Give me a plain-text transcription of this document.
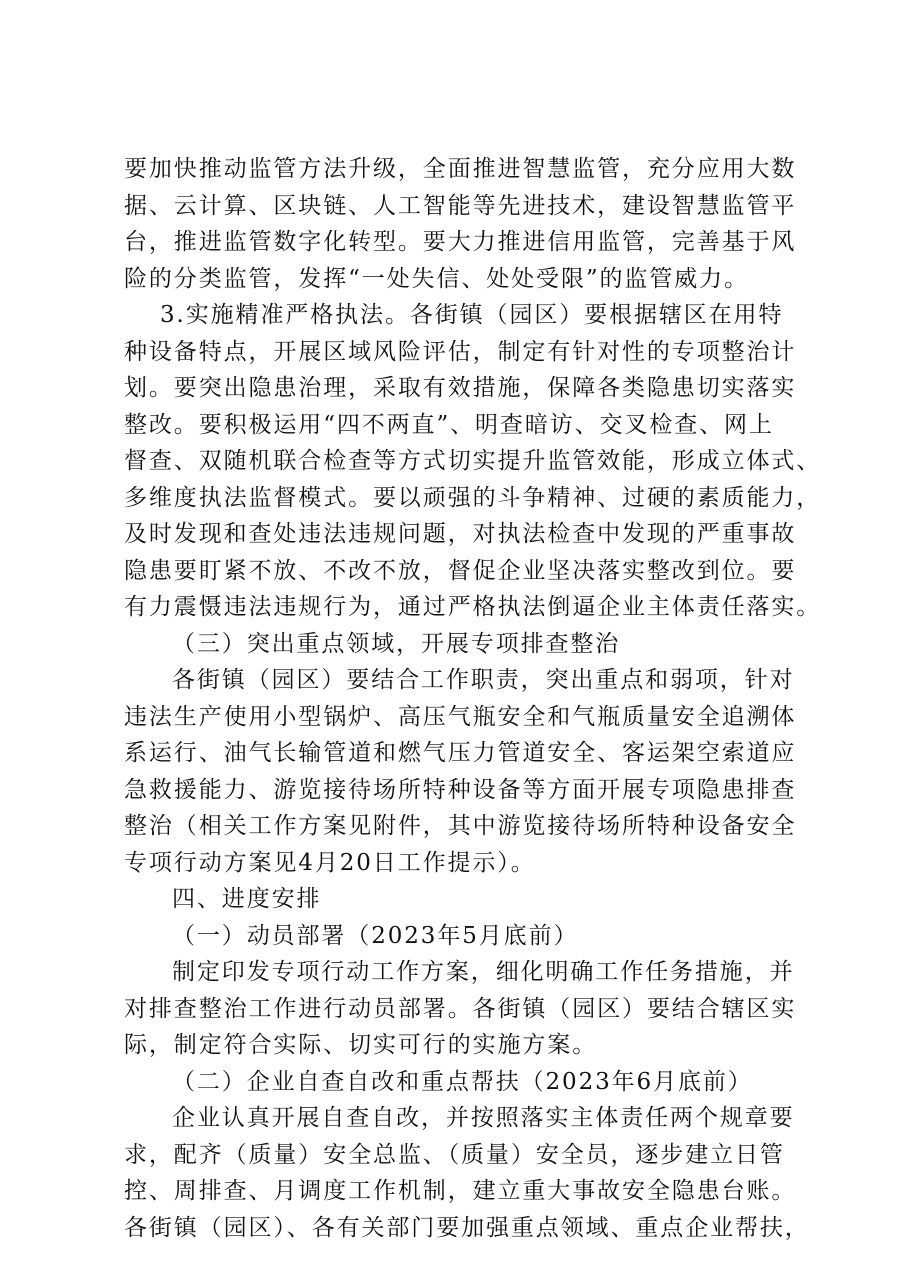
要加快推动监管方法升级，全面推进智慧监管，充分应用大数
据、云计算、区块链、人工智能等先进技术，建设智慧监管平
台，推进监管数字化转型。要大力推进信用监管，完善基于风
险的分类监管，发挥“一处失信、处处受限”的监管威力。
3.实施精准严格执法。各街镇（园区）要根据辖区在用特
种设备特点，开展区域风险评估，制定有针对性的专项整治计
划。要突出隐患治理，采取有效措施，保障各类隐患切实落实
整改。要积极运用“四不两直”、明查暗访、交叉检查、网上
督查、双随机联合检查等方式切实提升监管效能，形成立体式、
多维度执法监督模式。要以顽强的斗争精神、过硬的素质能力，
及时发现和查处违法违规问题，对执法检查中发现的严重事故
隐患要盯紧不放、不改不放，督促企业坚决落实整改到位。要
有力震慑违法违规行为，通过严格执法倒逼企业主体责任落实。
（三）突出重点领域，开展专项排查整治
各街镇（园区）要结合工作职责，突出重点和弱项，针对
违法生产使用小型锅炉、高压气瓶安全和气瓶质量安全追溯体
系运行、油气长输管道和燃气压力管道安全、客运架空索道应
急救援能力、游览接待场所特种设备等方面开展专项隐患排查
整治（相关工作方案见附件，其中游览接待场所特种设备安全
专项行动方案见4月20日工作提示）。
四、进度安排
（一）动员部署（2023年5月底前）
制定印发专项行动工作方案，细化明确工作任务措施，并
对排查整治工作进行动员部署。各街镇（园区）要结合辖区实
际，制定符合实际、切实可行的实施方案。
（二）企业自查自改和重点帮扶（2023年6月底前）
企业认真开展自查自改，并按照落实主体责任两个规章要
求，配齐（质量）安全总监、（质量）安全员，逐步建立日管
控、周排查、月调度工作机制，建立重大事故安全隐患台账。
各街镇（园区）、各有关部门要加强重点领域、重点企业帮扶，
